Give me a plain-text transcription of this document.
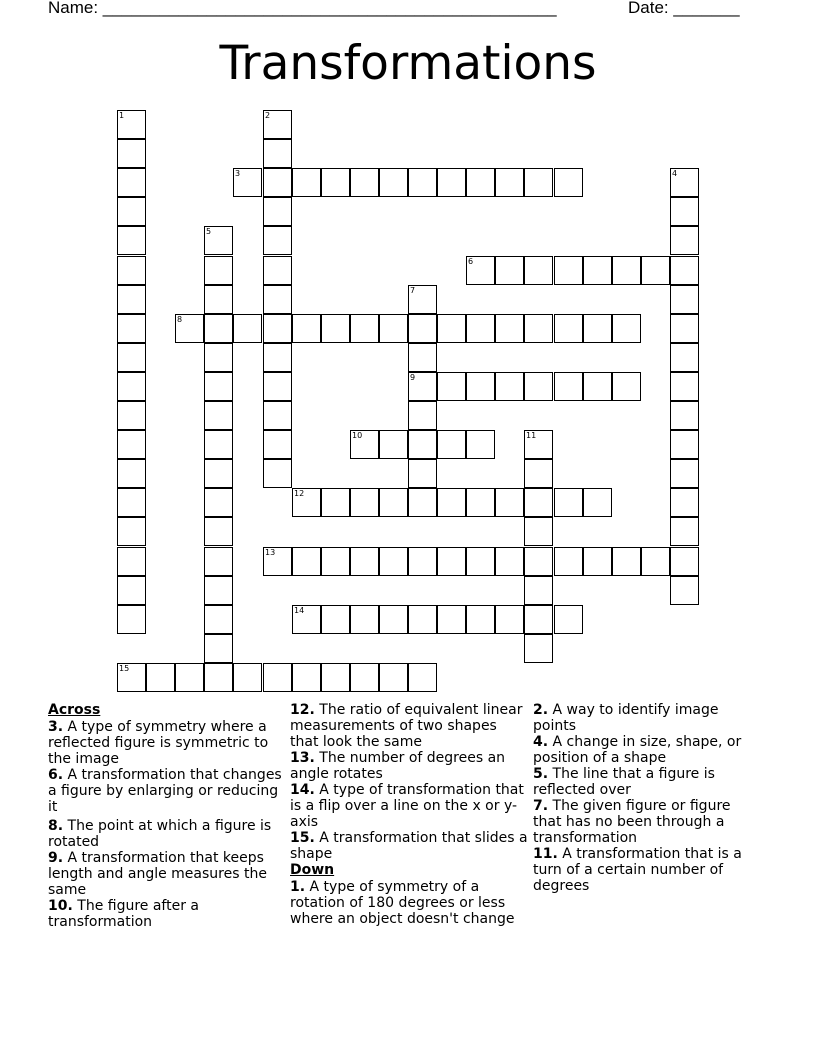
Name: ________________________________________________	Date: _______
Transformations
1	2
3	4
5
6
7
9
8
10	11
12
13
14
15
Across
3. A type of symmetry where a reflected figure is symmetric to the image
6. A transformation that changes a figure by enlarging or reducing it
8. The point at which a figure is rotated
9. A transformation that keeps length and angle measures the same
10. The figure after a transformation
12. The ratio of equivalent linear measurements of two shapes that look the same
13. The number of degrees an angle rotates
14. A type of transformation that is a flip over a line on the x or y-axis
15. A transformation that slides a shape
Down
1. A type of symmetry of a rotation of 180 degrees or less where an object doesn't change
2. A way to identify image points
4. A change in size, shape, or position of a shape
5. The line that a figure is reflected over
7. The given figure or figure that has no been through a transformation
11. A transformation that is a turn of a certain number of degrees
